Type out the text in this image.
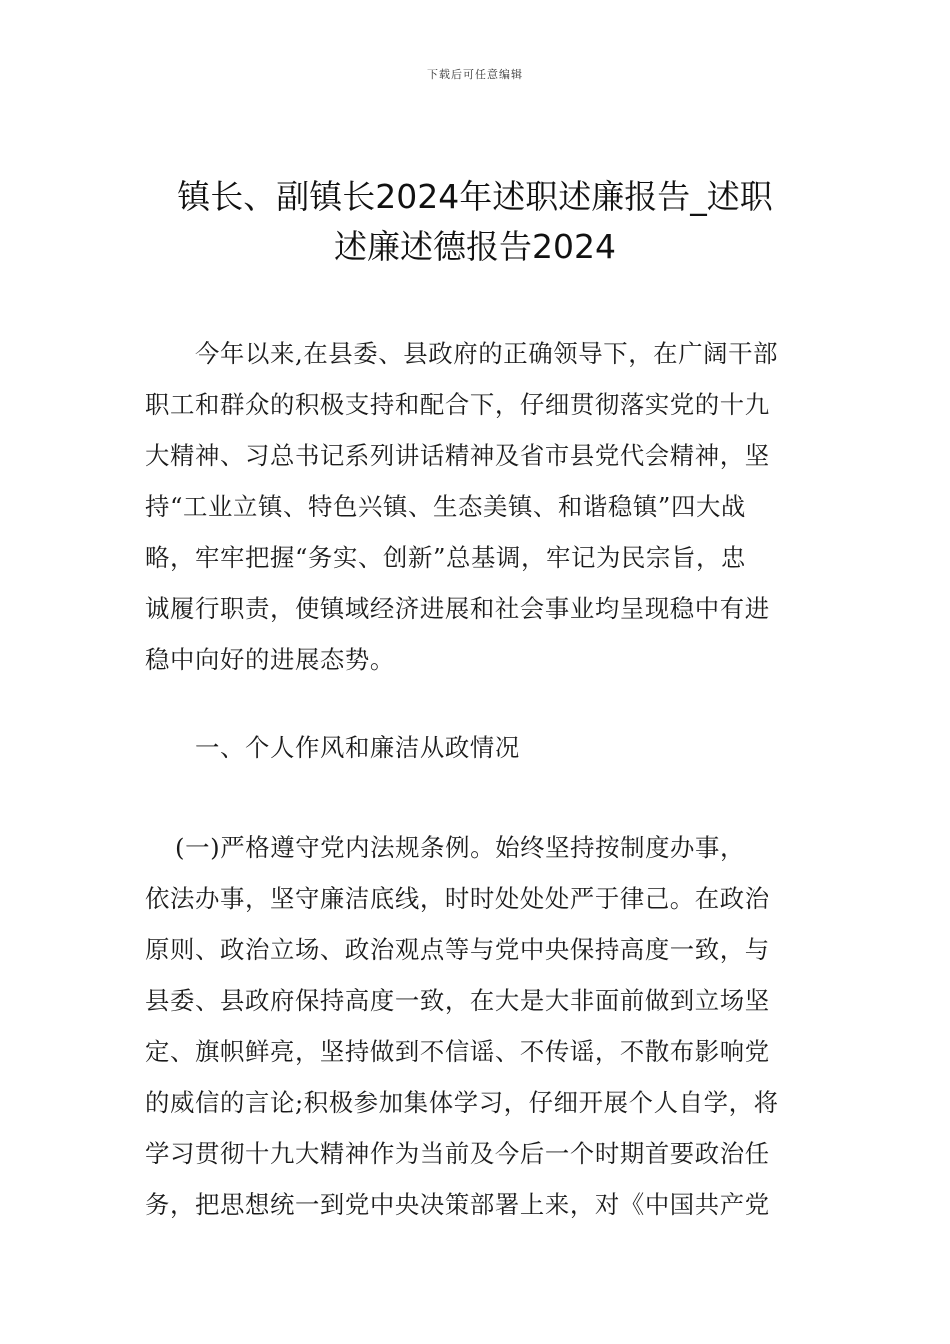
下载后可任意编辑
镇长、副镇长2024年述职述廉报告_述职
述廉述德报告2024
今年以来,在县委、县政府的正确领导下，在广阔干部
职工和群众的积极支持和配合下，仔细贯彻落实党的十九
大精神、习总书记系列讲话精神及省市县党代会精神，坚
持“工业立镇、特色兴镇、生态美镇、和谐稳镇”四大战
略，牢牢把握“务实、创新”总基调，牢记为民宗旨，忠
诚履行职责，使镇域经济进展和社会事业均呈现稳中有进
稳中向好的进展态势。
一、个人作风和廉洁从政情况
(一)严格遵守党内法规条例。始终坚持按制度办事，
依法办事，坚守廉洁底线，时时处处处严于律己。在政治
原则、政治立场、政治观点等与党中央保持高度一致，与
县委、县政府保持高度一致，在大是大非面前做到立场坚
定、旗帜鲜亮，坚持做到不信谣、不传谣，不散布影响党
的威信的言论;积极参加集体学习，仔细开展个人自学，将
学习贯彻十九大精神作为当前及今后一个时期首要政治任
务，把思想统一到党中央决策部署上来，对《中国共产党
